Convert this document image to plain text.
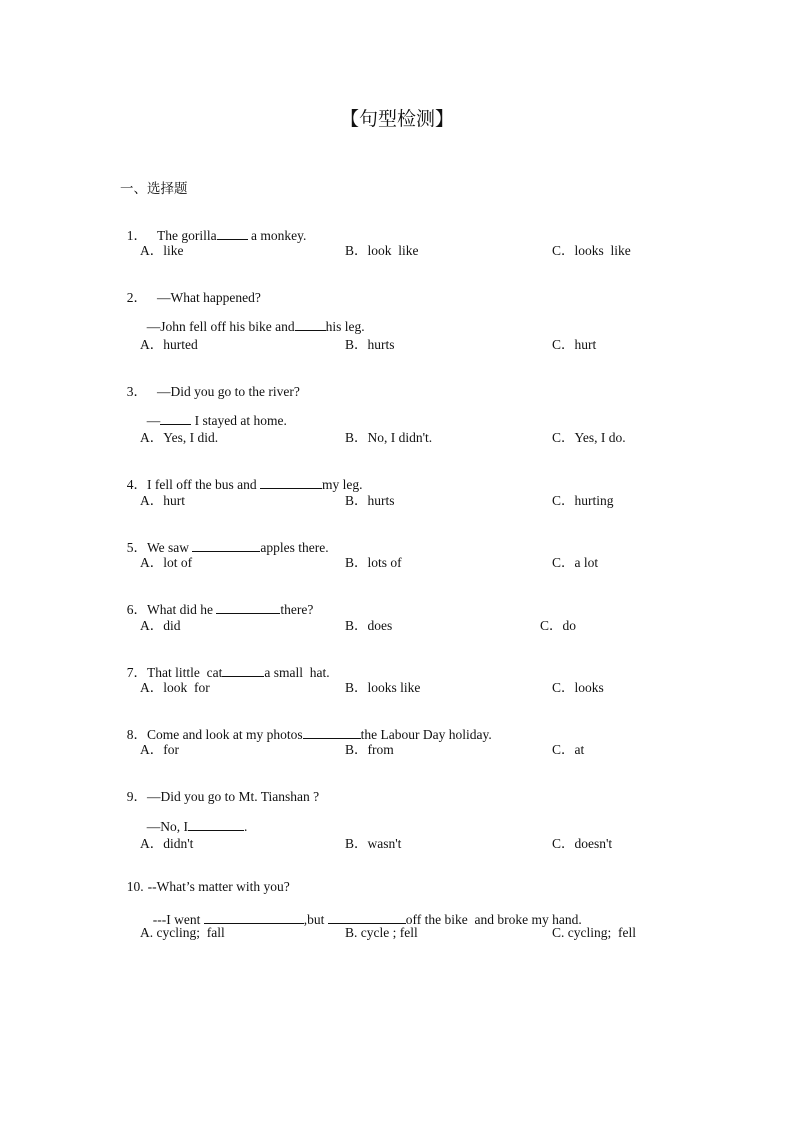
【句型检测】
一、选择题

1． The gorilla a monkey.

A．like	B．look  like	C．looks  like

2． —What happened?

—John fell off his bike and his leg.

A．hurted	B．hurts	C．hurt

3． —Did you go to the river?

— I stayed at home.

A．Yes, I did.	B．No, I didn't.	C．Yes, I do.

4．I fell off the bus and	my leg.

A．hurt	B．hurts	C．hurting

5．We saw	apples there.

A．lot of	B．lots of	C．a lot

6．What did he	there?

A．did	B．does	C．do

7．That little  cat	a small  hat.

A．look  for	B．looks like	C．looks

8．Come and look at my photos	the Labour Day holiday.

A．for	B．from	C．at

9．—Did you go to Mt. Tianshan ?

—No, I	.

A．didn't	B．wasn't	C．doesn't

10. --What’s matter with you?

---I went	,but	off the bike  and broke my hand.

A. cycling;  fall	B. cycle ; fell	C. cycling;  fell
